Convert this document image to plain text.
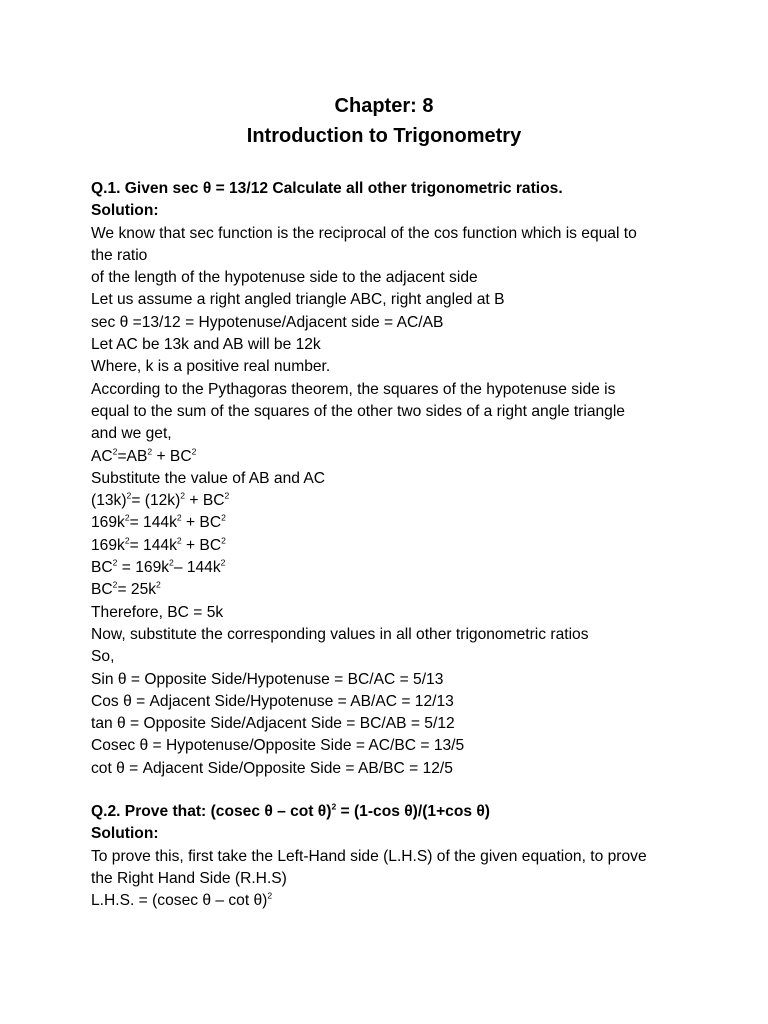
Chapter: 8
Introduction to Trigonometry
Q.1. Given sec θ = 13/12 Calculate all other trigonometric ratios.
Solution:
We know that sec function is the reciprocal of the cos function which is equal to
the ratio
of the length of the hypotenuse side to the adjacent side
Let us assume a right angled triangle ABC, right angled at B
sec θ =13/12 = Hypotenuse/Adjacent side = AC/AB
Let AC be 13k and AB will be 12k
Where, k is a positive real number.
According to the Pythagoras theorem, the squares of the hypotenuse side is
equal to the sum of the squares of the other two sides of a right angle triangle
and we get,
$AC^2=AB^2 + BC^2$
Substitute the value of AB and AC
$(13k)^2= (12k)^2 + BC^2$
$169k^2= 144k^2 + BC^2$
$169k^2= 144k^2 + BC^2$
$BC^2 = 169k^2-$ $144k^2$
$BC^2= 25k^2$
Therefore, BC = 5k
Now, substitute the corresponding values in all other trigonometric ratios
So,
Sin θ = Opposite Side/Hypotenuse = BC/AC = 5/13
Cos θ = Adjacent Side/Hypotenuse = AB/AC = 12/13
tan θ = Opposite Side/Adjacent Side = BC/AB = 5/12
Cosec θ = Hypotenuse/Opposite Side = AC/BC = 13/5
cot θ = Adjacent Side/Opposite Side = AB/BC = 12/5
Q.2. Prove that: (cosec θ – cot θ)$^2$ = (1-cos θ)/(1+cos θ)
Solution:
To prove this, first take the Left-Hand side (L.H.S) of the given equation, to prove
the Right Hand Side (R.H.S)
L.H.S. = (cosec θ – cot θ)$^2$
